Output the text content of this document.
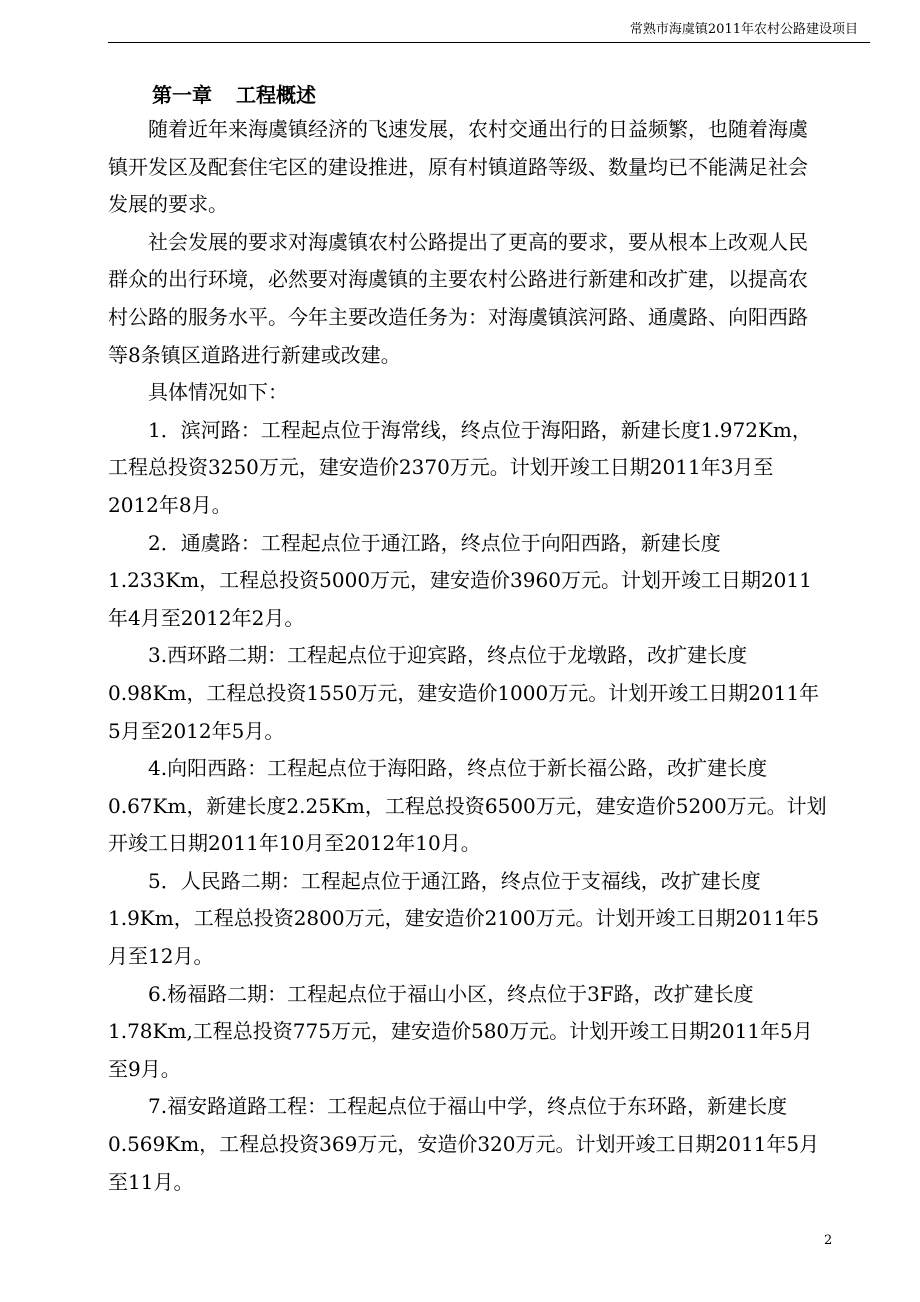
常熟市海虞镇2011年农村公路建设项目
第一章 工程概述

随着近年来海虞镇经济的飞速发展，农村交通出行的日益频繁，也随着海虞
镇开发区及配套住宅区的建设推进，原有村镇道路等级、数量均已不能满足社会
发展的要求。

社会发展的要求对海虞镇农村公路提出了更高的要求，要从根本上改观人民
群众的出行环境，必然要对海虞镇的主要农村公路进行新建和改扩建，以提高农
村公路的服务水平。今年主要改造任务为：对海虞镇滨河路、通虞路、向阳西路
等8条镇区道路进行新建或改建。

具体情况如下：

1．滨河路：工程起点位于海常线，终点位于海阳路，新建长度1.972Km，
工程总投资3250万元，建安造价2370万元。计划开竣工日期2011年3月至
2012年8月。

2．通虞路：工程起点位于通江路，终点位于向阳西路，新建长度
1.233Km，工程总投资5000万元，建安造价3960万元。计划开竣工日期2011
年4月至2012年2月。

3.西环路二期：工程起点位于迎宾路，终点位于龙墩路，改扩建长度
0.98Km，工程总投资1550万元，建安造价1000万元。计划开竣工日期2011年
5月至2012年5月。

4.向阳西路：工程起点位于海阳路，终点位于新长福公路，改扩建长度
0.67Km，新建长度2.25Km，工程总投资6500万元，建安造价5200万元。计划
开竣工日期2011年10月至2012年10月。

5．人民路二期：工程起点位于通江路，终点位于支福线，改扩建长度
1.9Km，工程总投资2800万元，建安造价2100万元。计划开竣工日期2011年5
月至12月。

6.杨福路二期：工程起点位于福山小区，终点位于3F路，改扩建长度
1.78Km,工程总投资775万元，建安造价580万元。计划开竣工日期2011年5月
至9月。

7.福安路道路工程：工程起点位于福山中学，终点位于东环路，新建长度
0.569Km，工程总投资369万元，安造价320万元。计划开竣工日期2011年5月
至11月。

2
